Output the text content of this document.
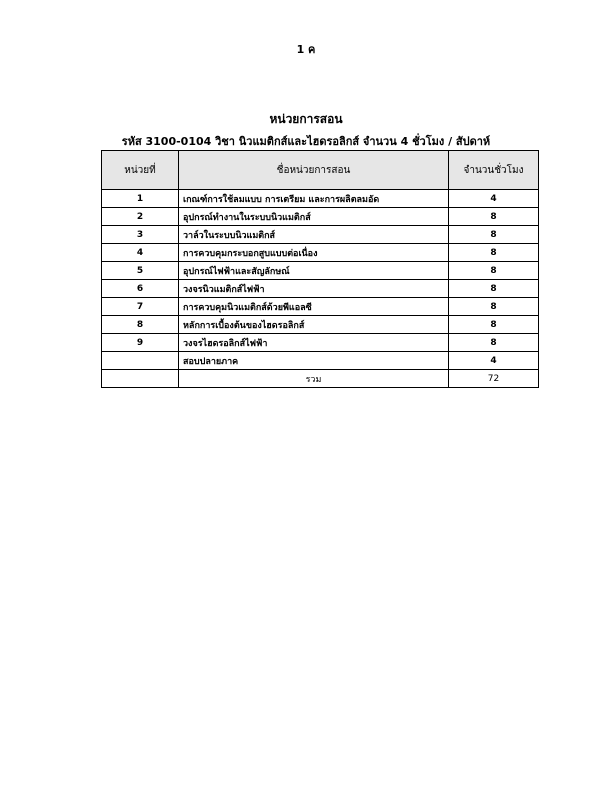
1 ค
หน่วยการสอน
รหัส 3100-0104 วิชา นิวแมติกส์และไฮดรอลิกส์ จำนวน 4 ชั่วโมง / สัปดาห์
หน่วยที่	ชื่อหน่วยการสอน	จำนวนชั่วโมง
1	เกณฑ์การใช้ลมแบบ การเตรียม และการผลิตลมอัด	4
2	อุปกรณ์ทำงานในระบบนิวแมติกส์	8
3	วาล์วในระบบนิวแมติกส์	8
4	การควบคุมกระบอกสูบแบบต่อเนื่อง	8
5	อุปกรณ์ไฟฟ้าและสัญลักษณ์	8
6	วงจรนิวแมติกส์ไฟฟ้า	8
7	การควบคุมนิวแมติกส์ด้วยพีแอลซี	8
8	หลักการเบื้องต้นของไฮดรอลิกส์	8
9	วงจรไฮดรอลิกส์ไฟฟ้า	8
	สอบปลายภาค	4
	รวม	72
